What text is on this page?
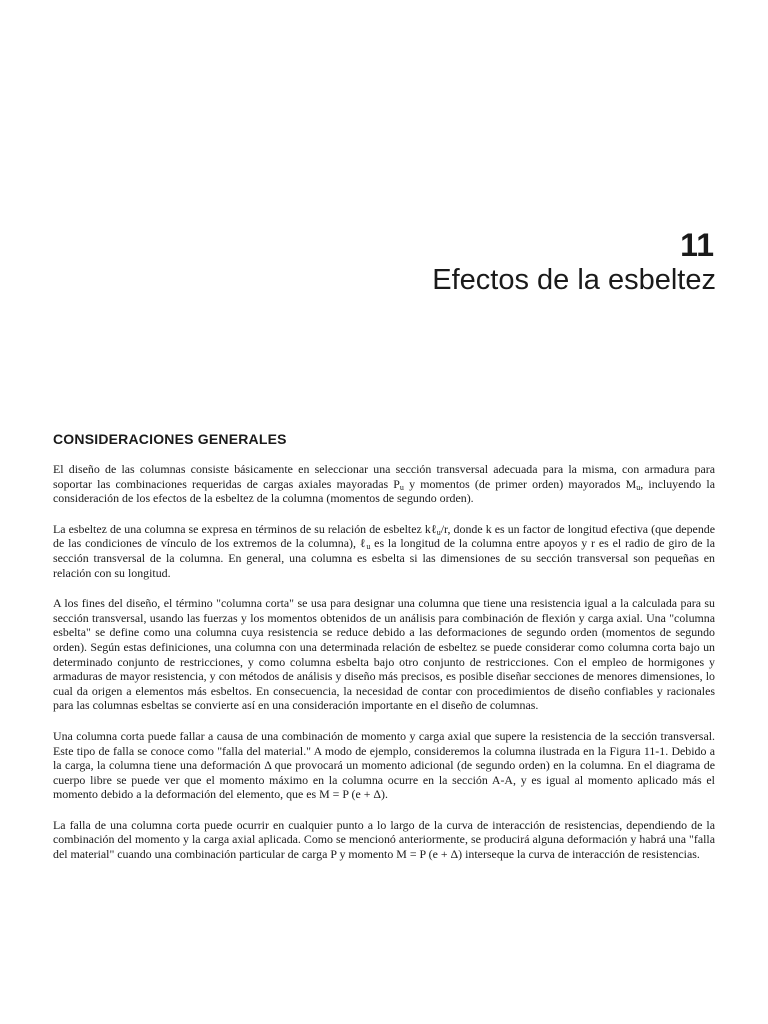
11
Efectos de la esbeltez
CONSIDERACIONES GENERALES

El diseño de las columnas consiste básicamente en seleccionar una sección transversal adecuada para la misma, con armadura para soportar las combinaciones requeridas de cargas axiales mayoradas $P_u$ y momentos (de primer orden) mayorados $M_u$, incluyendo la consideración de los efectos de la esbeltez de la columna (momentos de segundo orden).

La esbeltez de una columna se expresa en términos de su relación de esbeltez kℓ$_u$/r, donde k es un factor de longitud efectiva (que depende de las condiciones de vínculo de los extremos de la columna), ℓ$_u$ es la longitud de la columna entre apoyos y r es el radio de giro de la sección transversal de la columna. En general, una columna es esbelta si las dimensiones de su sección transversal son pequeñas en relación con su longitud.

A los fines del diseño, el término "columna corta" se usa para designar una columna que tiene una resistencia igual a la calculada para su sección transversal, usando las fuerzas y los momentos obtenidos de un análisis para combinación de flexión y carga axial. Una "columna esbelta" se define como una columna cuya resistencia se reduce debido a las deformaciones de segundo orden (momentos de segundo orden). Según estas definiciones, una columna con una determinada relación de esbeltez se puede considerar como columna corta bajo un determinado conjunto de restricciones, y como columna esbelta bajo otro conjunto de restricciones. Con el empleo de hormigones y armaduras de mayor resistencia, y con métodos de análisis y diseño más precisos, es posible diseñar secciones de menores dimensiones, lo cual da origen a elementos más esbeltos. En consecuencia, la necesidad de contar con procedimientos de diseño confiables y racionales para las columnas esbeltas se convierte así en una consideración importante en el diseño de columnas.

Una columna corta puede fallar a causa de una combinación de momento y carga axial que supere la resistencia de la sección transversal. Este tipo de falla se conoce como "falla del material." A modo de ejemplo, consideremos la columna ilustrada en la Figura 11-1. Debido a la carga, la columna tiene una deformación Δ que provocará un momento adicional (de segundo orden) en la columna. En el diagrama de cuerpo libre se puede ver que el momento máximo en la columna ocurre en la sección A-A, y es igual al momento aplicado más el momento debido a la deformación del elemento, que es M = P (e + Δ).

La falla de una columna corta puede ocurrir en cualquier punto a lo largo de la curva de interacción de resistencias, dependiendo de la combinación del momento y la carga axial aplicada. Como se mencionó anteriormente, se producirá alguna deformación y habrá una "falla del material" cuando una combinación particular de carga P y momento M = P (e + Δ) interseque la curva de interacción de resistencias.
